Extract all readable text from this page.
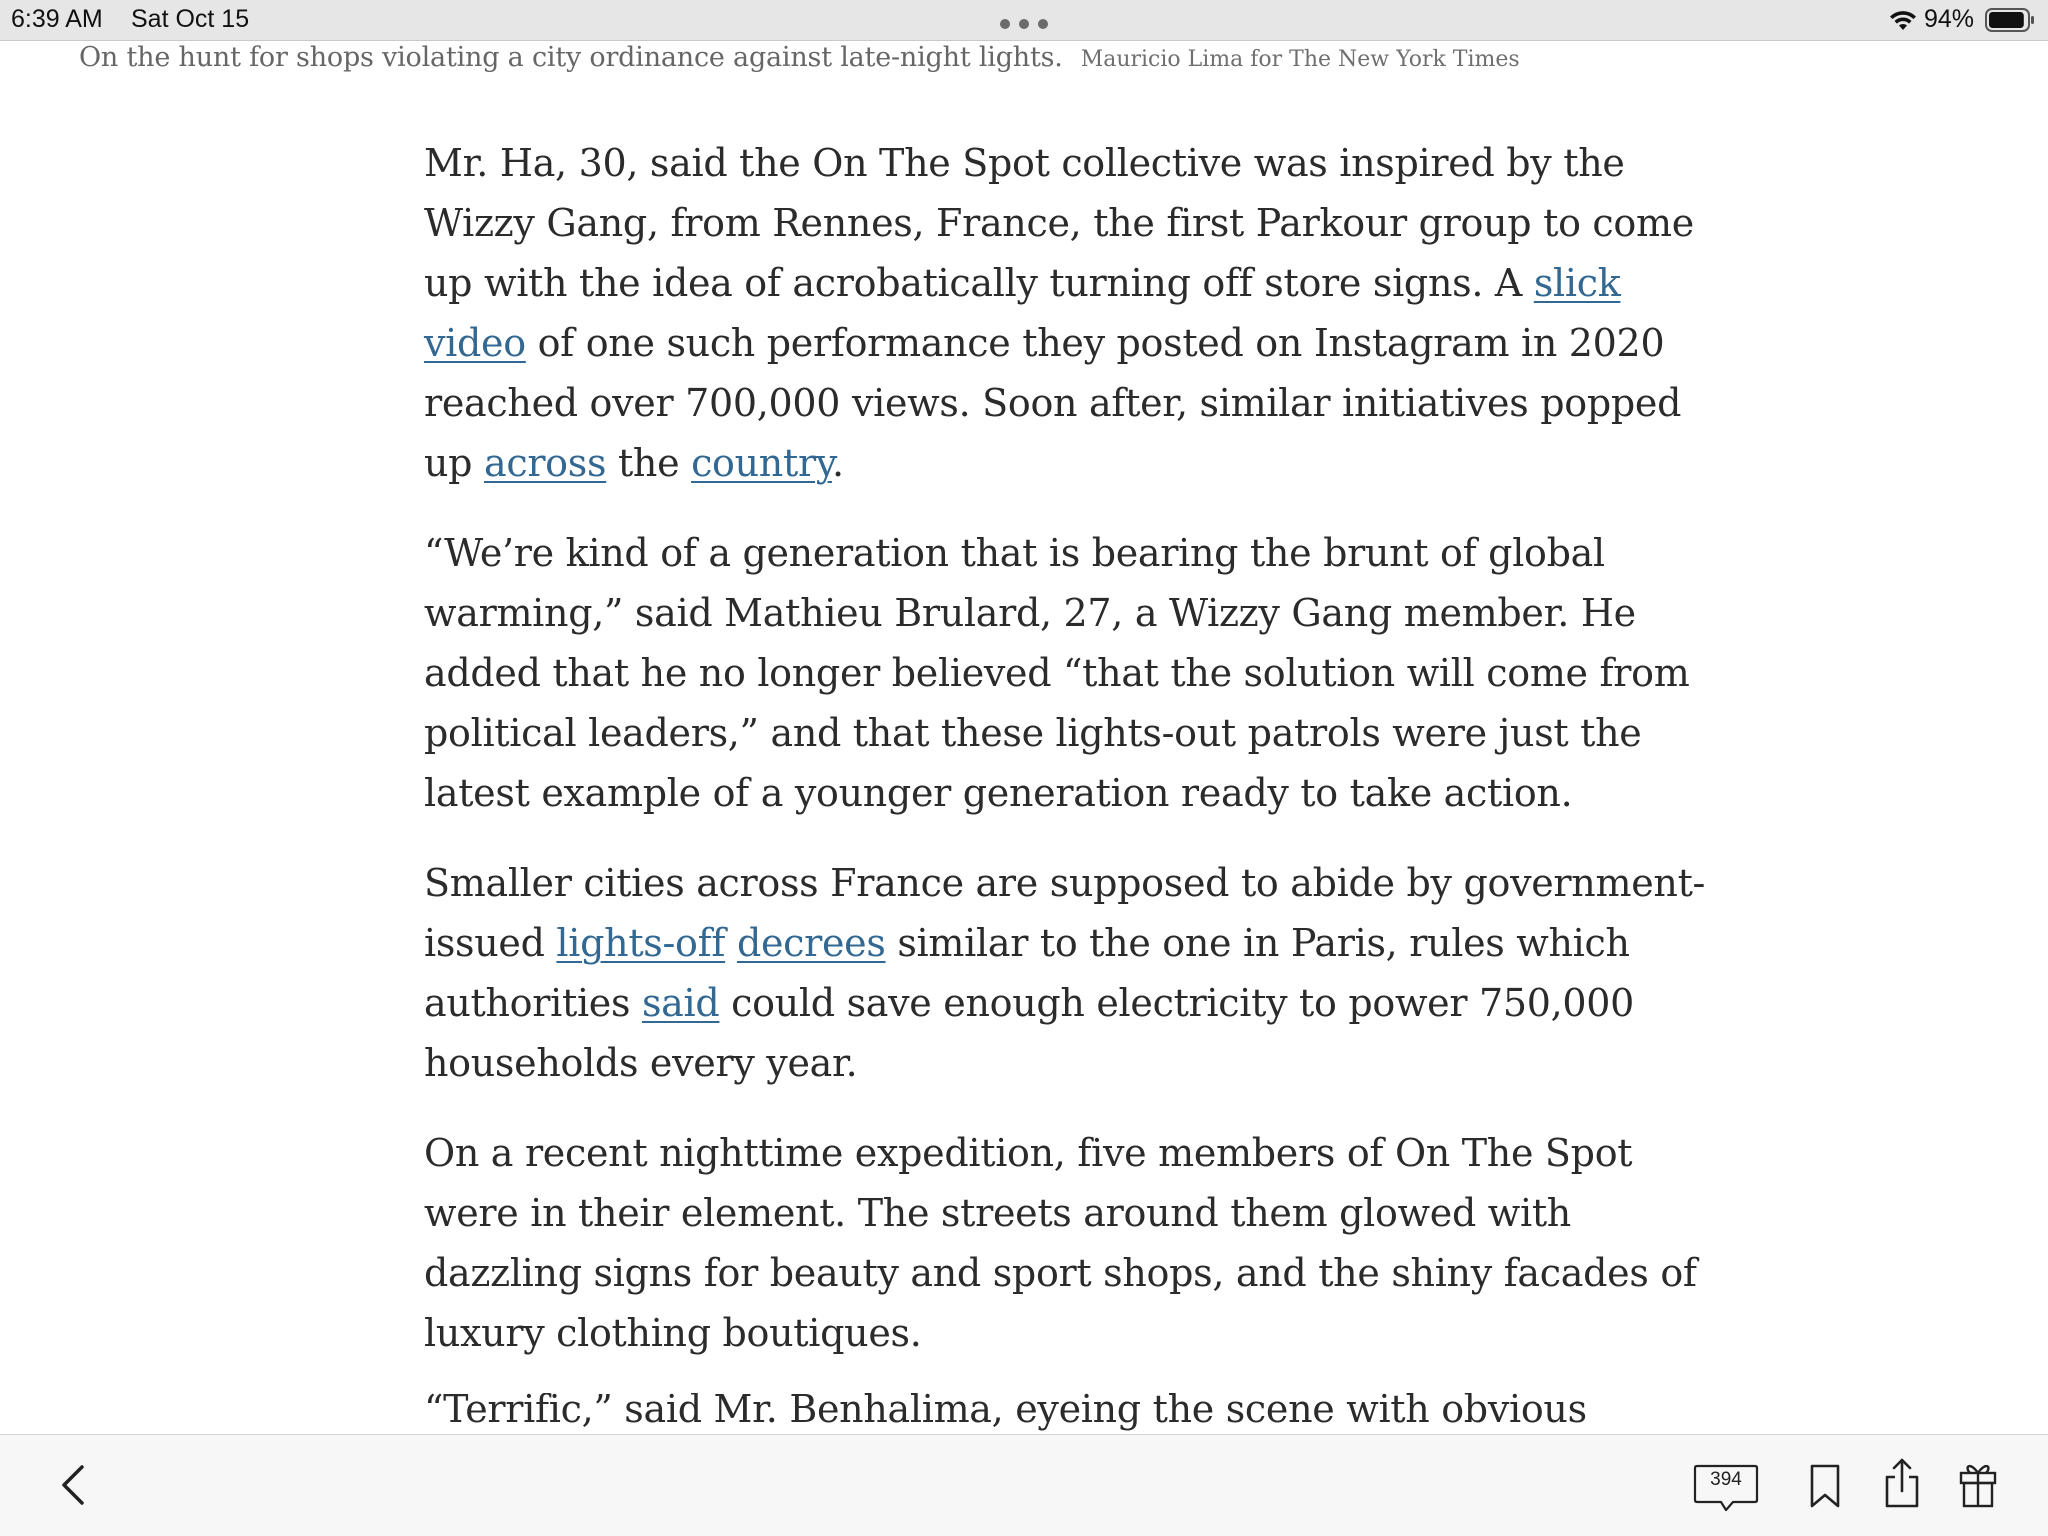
6:39 AM Sat Oct 15	94%
On the hunt for shops violating a city ordinance against late-night lights. Mauricio Lima for The New York Times

Mr. Ha, 30, said the On The Spot collective was inspired by the
Wizzy Gang, from Rennes, France, the first Parkour group to come
up with the idea of acrobatically turning off store signs. A slick
video of one such performance they posted on Instagram in 2020
reached over 700,000 views. Soon after, similar initiatives popped
up across the country.

“We’re kind of a generation that is bearing the brunt of global
warming,” said Mathieu Brulard, 27, a Wizzy Gang member. He
added that he no longer believed “that the solution will come from
political leaders,” and that these lights-out patrols were just the
latest example of a younger generation ready to take action.

Smaller cities across France are supposed to abide by government-
issued lights-off decrees similar to the one in Paris, rules which
authorities said could save enough electricity to power 750,000
households every year.

On a recent nighttime expedition, five members of On The Spot
were in their element. The streets around them glowed with
dazzling signs for beauty and sport shops, and the shiny facades of
luxury clothing boutiques.

“Terrific,” said Mr. Benhalima, eyeing the scene with obvious
394
